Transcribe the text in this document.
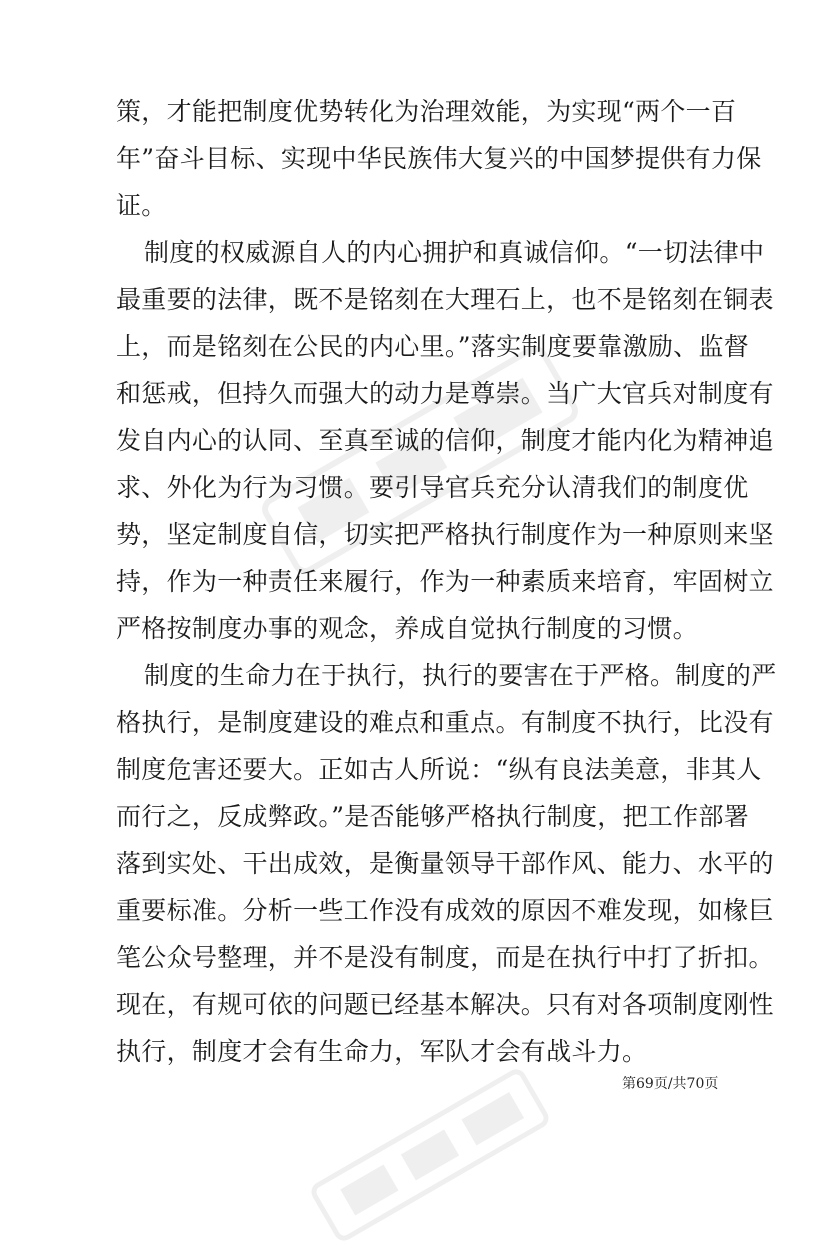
策，才能把制度优势转化为治理效能，为实现“两个一百
年”奋斗目标、实现中华民族伟大复兴的中国梦提供有力保
证。
制度的权威源自人的内心拥护和真诚信仰。“一切法律中
最重要的法律，既不是铭刻在大理石上，也不是铭刻在铜表
上，而是铭刻在公民的内心里。”落实制度要靠激励、监督
和惩戒，但持久而强大的动力是尊崇。当广大官兵对制度有
发自内心的认同、至真至诚的信仰，制度才能内化为精神追
求、外化为行为习惯。要引导官兵充分认清我们的制度优
势，坚定制度自信，切实把严格执行制度作为一种原则来坚
持，作为一种责任来履行，作为一种素质来培育，牢固树立
严格按制度办事的观念，养成自觉执行制度的习惯。
制度的生命力在于执行，执行的要害在于严格。制度的严
格执行，是制度建设的难点和重点。有制度不执行，比没有
制度危害还要大。正如古人所说：“纵有良法美意，非其人
而行之，反成弊政。”是否能够严格执行制度，把工作部署
落到实处、干出成效，是衡量领导干部作风、能力、水平的
重要标准。分析一些工作没有成效的原因不难发现，如椽巨
笔公众号整理，并不是没有制度，而是在执行中打了折扣。
现在，有规可依的问题已经基本解决。只有对各项制度刚性
执行，制度才会有生命力，军队才会有战斗力。
第69页/共70页
